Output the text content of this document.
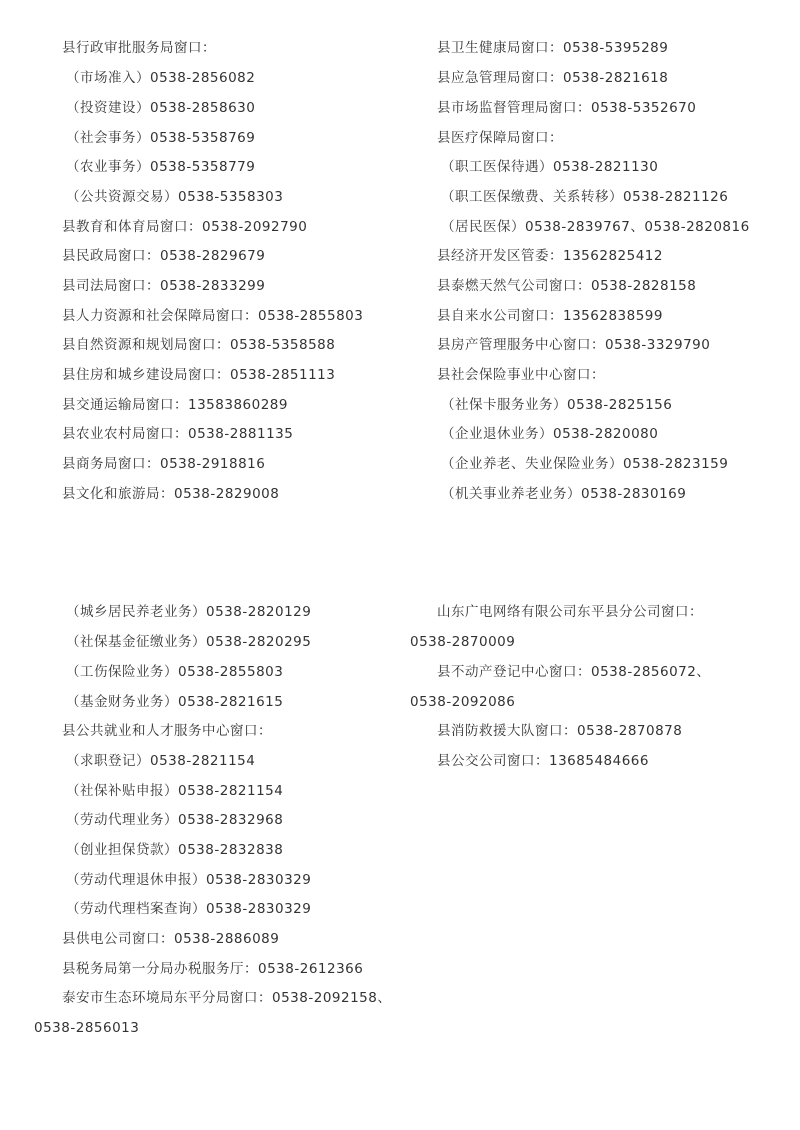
县行政审批服务局窗口：
（市场准入）0538-2856082
（投资建设）0538-2858630
（社会事务）0538-5358769
（农业事务）0538-5358779
（公共资源交易）0538-5358303
县教育和体育局窗口：0538-2092790
县民政局窗口：0538-2829679
县司法局窗口：0538-2833299
县人力资源和社会保障局窗口：0538-2855803
县自然资源和规划局窗口：0538-5358588
县住房和城乡建设局窗口：0538-2851113
县交通运输局窗口：13583860289
县农业农村局窗口：0538-2881135
县商务局窗口：0538-2918816
县文化和旅游局：0538-2829008
县卫生健康局窗口：0538-5395289
县应急管理局窗口：0538-2821618
县市场监督管理局窗口：0538-5352670
县医疗保障局窗口：
（职工医保待遇）0538-2821130
（职工医保缴费、关系转移）0538-2821126
（居民医保）0538-2839767、0538-2820816
县经济开发区管委：13562825412
县泰燃天然气公司窗口：0538-2828158
县自来水公司窗口：13562838599
县房产管理服务中心窗口：0538-3329790
县社会保险事业中心窗口：
（社保卡服务业务）0538-2825156
（企业退休业务）0538-2820080
（企业养老、失业保险业务）0538-2823159
（机关事业养老业务）0538-2830169
（城乡居民养老业务）0538-2820129
（社保基金征缴业务）0538-2820295
（工伤保险业务）0538-2855803
（基金财务业务）0538-2821615
县公共就业和人才服务中心窗口：
（求职登记）0538-2821154
（社保补贴申报）0538-2821154
（劳动代理业务）0538-2832968
（创业担保贷款）0538-2832838
（劳动代理退休申报）0538-2830329
（劳动代理档案查询）0538-2830329
县供电公司窗口：0538-2886089
县税务局第一分局办税服务厅：0538-2612366
泰安市生态环境局东平分局窗口：0538-2092158、
0538-2856013
山东广电网络有限公司东平县分公司窗口：
0538-2870009
县不动产登记中心窗口：0538-2856072、
0538-2092086
县消防救援大队窗口：0538-2870878
县公交公司窗口：13685484666
